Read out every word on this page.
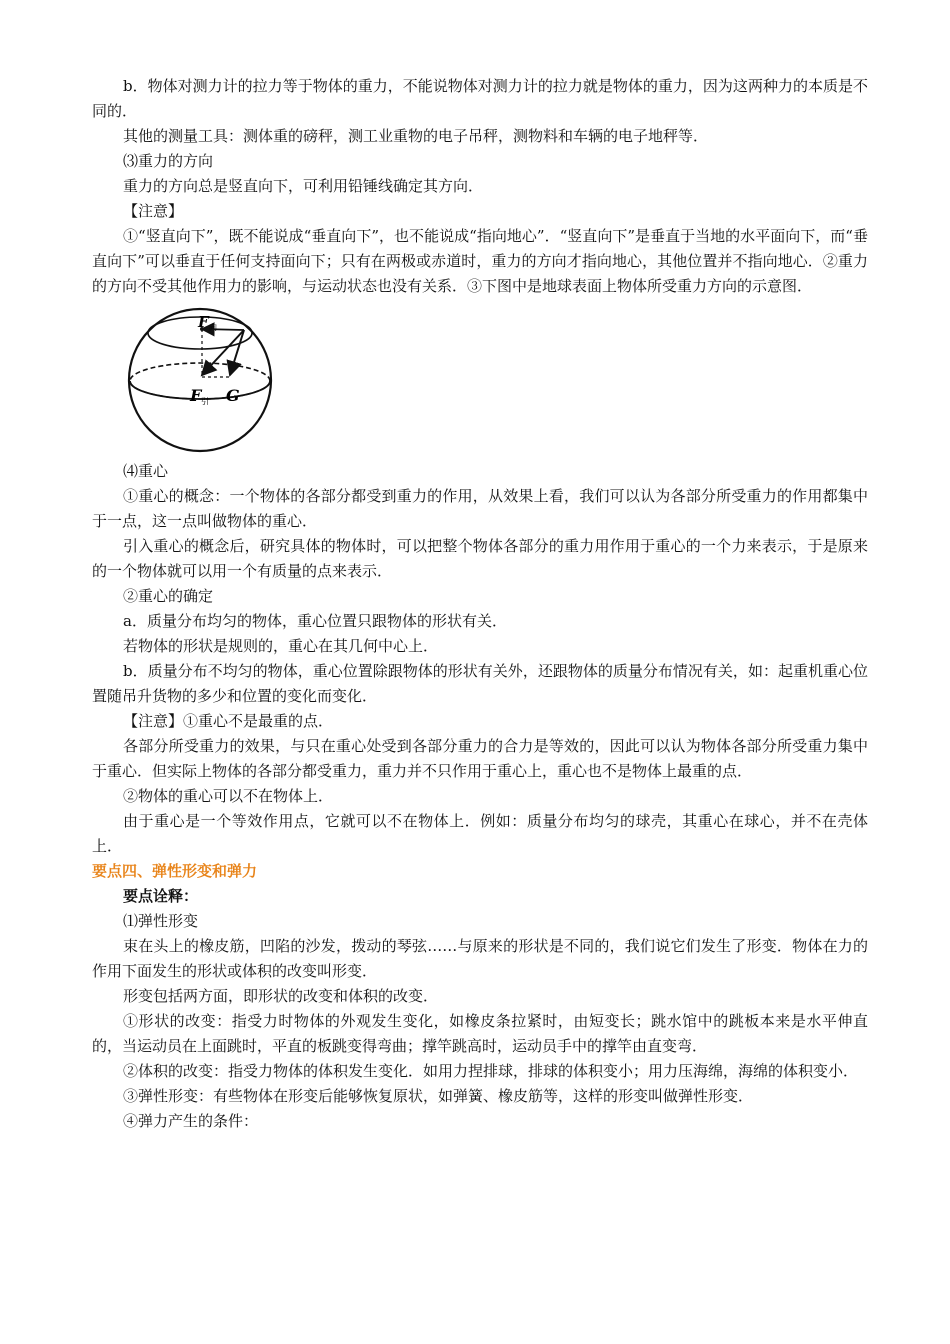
b．物体对测力计的拉力等于物体的重力，不能说物体对测力计的拉力就是物体的重力，因为这两种力的本质是不同的．

其他的测量工具：测体重的磅秤，测工业重物的电子吊秤，测物料和车辆的电子地秤等．

⑶重力的方向

重力的方向总是竖直向下，可利用铅锤线确定其方向．

【注意】

①“竖直向下”，既不能说成“垂直向下”，也不能说成“指向地心”．“竖直向下”是垂直于当地的水平面向下，而“垂直向下”可以垂直于任何支持面向下；只有在两极或赤道时，重力的方向才指向地心，其他位置并不指向地心．②重力的方向不受其他作用力的影响，与运动状态也没有关系．③下图中是地球表面上物体所受重力方向的示意图．

F 向
F 引 G

⑷重心

①重心的概念：一个物体的各部分都受到重力的作用，从效果上看，我们可以认为各部分所受重力的作用都集中于一点，这一点叫做物体的重心．

引入重心的概念后，研究具体的物体时，可以把整个物体各部分的重力用作用于重心的一个力来表示，于是原来的一个物体就可以用一个有质量的点来表示．

②重心的确定

a．质量分布均匀的物体，重心位置只跟物体的形状有关．

若物体的形状是规则的，重心在其几何中心上．

b．质量分布不均匀的物体，重心位置除跟物体的形状有关外，还跟物体的质量分布情况有关，如：起重机重心位置随吊升货物的多少和位置的变化而变化．

【注意】①重心不是最重的点．

各部分所受重力的效果，与只在重心处受到各部分重力的合力是等效的，因此可以认为物体各部分所受重力集中于重心．但实际上物体的各部分都受重力，重力并不只作用于重心上，重心也不是物体上最重的点．

②物体的重心可以不在物体上．

由于重心是一个等效作用点，它就可以不在物体上．例如：质量分布均匀的球壳，其重心在球心，并不在壳体上．

要点四、弹性形变和弹力

要点诠释：

⑴弹性形变

束在头上的橡皮筋，凹陷的沙发，拨动的琴弦……与原来的形状是不同的，我们说它们发生了形变．物体在力的作用下面发生的形状或体积的改变叫形变．

形变包括两方面，即形状的改变和体积的改变．

①形状的改变：指受力时物体的外观发生变化，如橡皮条拉紧时，由短变长；跳水馆中的跳板本来是水平伸直的，当运动员在上面跳时，平直的板跳变得弯曲；撑竿跳高时，运动员手中的撑竿由直变弯．

②体积的改变：指受力物体的体积发生变化．如用力捏排球，排球的体积变小；用力压海绵，海绵的体积变小．

③弹性形变：有些物体在形变后能够恢复原状，如弹簧、橡皮筋等，这样的形变叫做弹性形变．

④弹力产生的条件：
